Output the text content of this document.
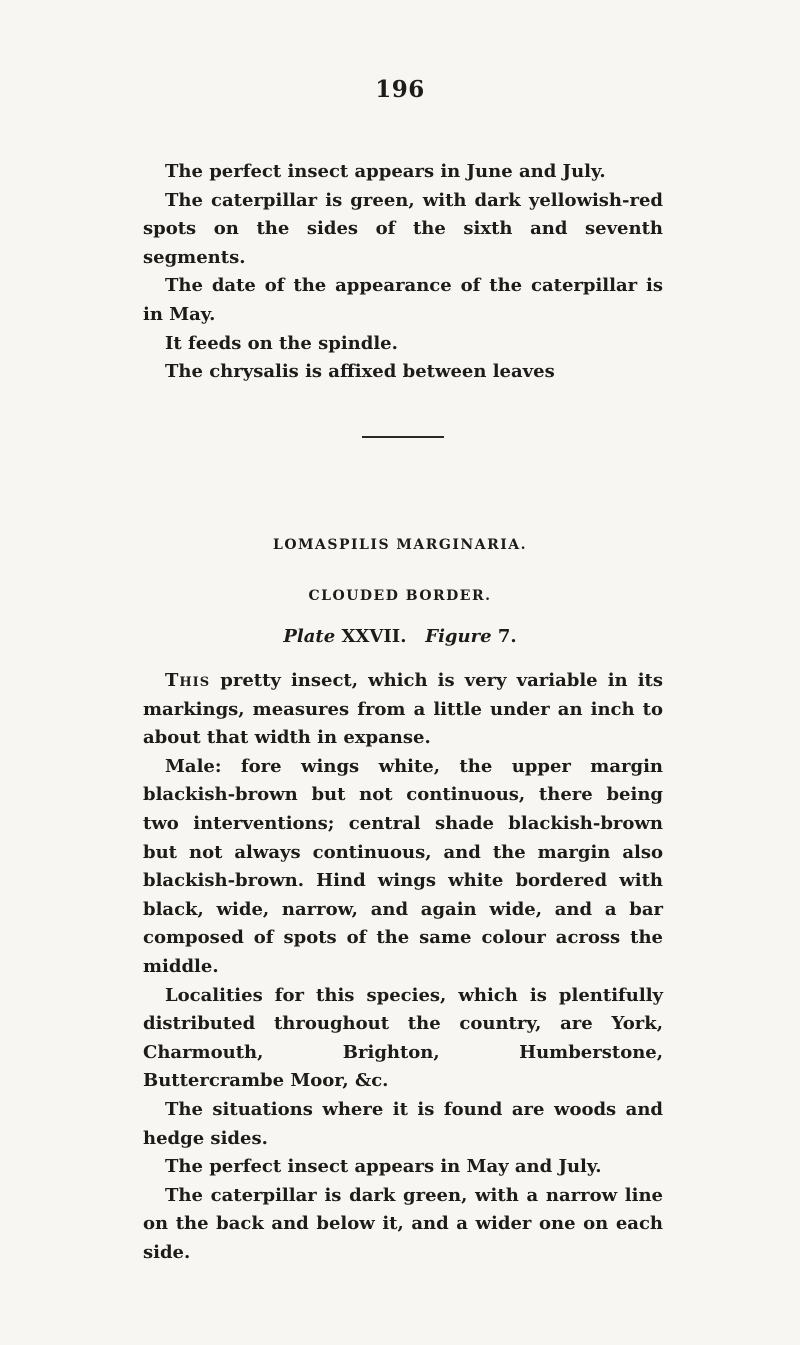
196

The perfect insect appears in June and July.

The caterpillar is green, with dark yellowish-red spots on the sides of the sixth and seventh segments.

The date of the appearance of the caterpillar is in May.

It feeds on the spindle.

The chrysalis is affixed between leaves

LOMASPILIS MARGINARIA.
CLOUDED BORDER.
Plate XXVII. Figure 7.

This pretty insect, which is very variable in its markings, measures from a little under an inch to about that width in expanse.

Male: fore wings white, the upper margin blackish-brown but not continuous, there being two interventions; central shade blackish-brown but not always continuous, and the margin also blackish-brown. Hind wings white bordered with black, wide, narrow, and again wide, and a bar composed of spots of the same colour across the middle.

Localities for this species, which is plentifully distributed throughout the country, are York, Charmouth, Brighton, Humberstone, Buttercrambe Moor, &c.

The situations where it is found are woods and hedge sides.

The perfect insect appears in May and July.

The caterpillar is dark green, with a narrow line on the back and below it, and a wider one on each side.
